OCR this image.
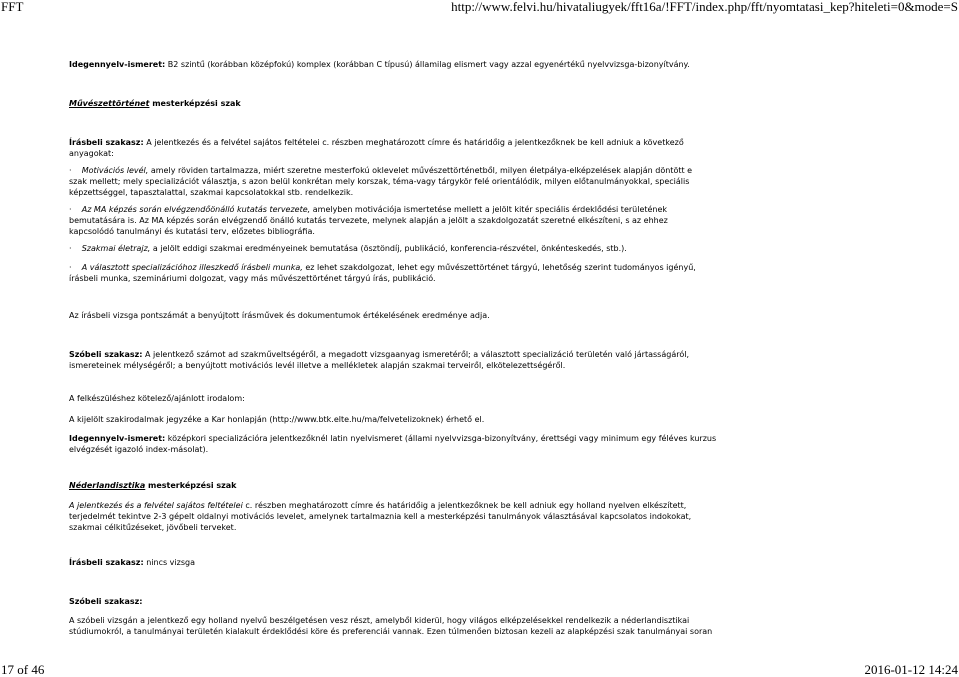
FFT	http://www.felvi.hu/hivataliugyek/fft16a/!FFT/index.php/fft/nyomtatasi_kep?hiteleti=0&mode=S
Idegennyelv-ismeret: B2 szintű (korábban középfokú) komplex (korábban C típusú) államilag elismert vagy azzal egyenértékű nyelvvizsga-bizonyítvány.
Művészettörténet mesterképzési szak
Írásbeli szakasz: A jelentkezés és a felvétel sajátos feltételei c. részben meghatározott címre és határidőig a jelentkezőknek be kell adniuk a következő
anyagokat:
· Motivációs levél, amely röviden tartalmazza, miért szeretne mesterfokú oklevelet művészettörténetből, milyen életpálya-elképzelések alapján döntött e
szak mellett; mely specializációt választja, s azon belül konkrétan mely korszak, téma-vagy tárgykör felé orientálódik, milyen előtanulmányokkal, speciális
képzettséggel, tapasztalattal, szakmai kapcsolatokkal stb. rendelkezik.
· Az MA képzés során elvégzendőönálló kutatás tervezete, amelyben motivációja ismertetése mellett a jelölt kitér speciális érdeklődési területének
bemutatására is. Az MA képzés során elvégzendő önálló kutatás tervezete, melynek alapján a jelölt a szakdolgozatát szeretné elkészíteni, s az ehhez
kapcsolódó tanulmányi és kutatási terv, előzetes bibliográfia.
· Szakmai életrajz, a jelölt eddigi szakmai eredményeinek bemutatása (ösztöndíj, publikáció, konferencia-részvétel, önkénteskedés, stb.).
· A választott specializációhoz illeszkedő írásbeli munka, ez lehet szakdolgozat, lehet egy művészettörténet tárgyú, lehetőség szerint tudományos igényű,
írásbeli munka, szemináriumi dolgozat, vagy más művészettörténet tárgyú írás, publikáció.
Az írásbeli vizsga pontszámát a benyújtott írásművek és dokumentumok értékelésének eredménye adja.
Szóbeli szakasz: A jelentkező számot ad szakműveltségéről, a megadott vizsgaanyag ismeretéről; a választott specializáció területén való jártasságáról,
ismereteinek mélységéről; a benyújtott motivációs levél illetve a mellékletek alapján szakmai terveiről, elkötelezettségéről.
A felkészüléshez kötelező/ajánlott irodalom:
A kijelölt szakirodalmak jegyzéke a Kar honlapján (http://www.btk.elte.hu/ma/felvetelizoknek) érhető el.
Idegennyelv-ismeret: középkori specializációra jelentkezőknél latin nyelvismeret (állami nyelvvizsga-bizonyítvány, érettségi vagy minimum egy féléves kurzus
elvégzését igazoló index-másolat).
Néderlandisztika mesterképzési szak
A jelentkezés és a felvétel sajátos feltételei c. részben meghatározott címre és határidőig a jelentkezőknek be kell adniuk egy holland nyelven elkészített,
terjedelmét tekintve 2-3 gépelt oldalnyi motivációs levelet, amelynek tartalmaznia kell a mesterképzési tanulmányok választásával kapcsolatos indokokat,
szakmai célkitűzéseket, jövőbeli terveket.
Írásbeli szakasz: nincs vizsga
Szóbeli szakasz:
A szóbeli vizsgán a jelentkező egy holland nyelvű beszélgetésen vesz részt, amelyből kiderül, hogy világos elképzelésekkel rendelkezik a néderlandisztikai
stúdiumokról, a tanulmányai területén kialakult érdeklődési köre és preferenciái vannak. Ezen túlmenően biztosan kezeli az alapképzési szak tanulmányai soran
17 of 46	2016-01-12 14:24
